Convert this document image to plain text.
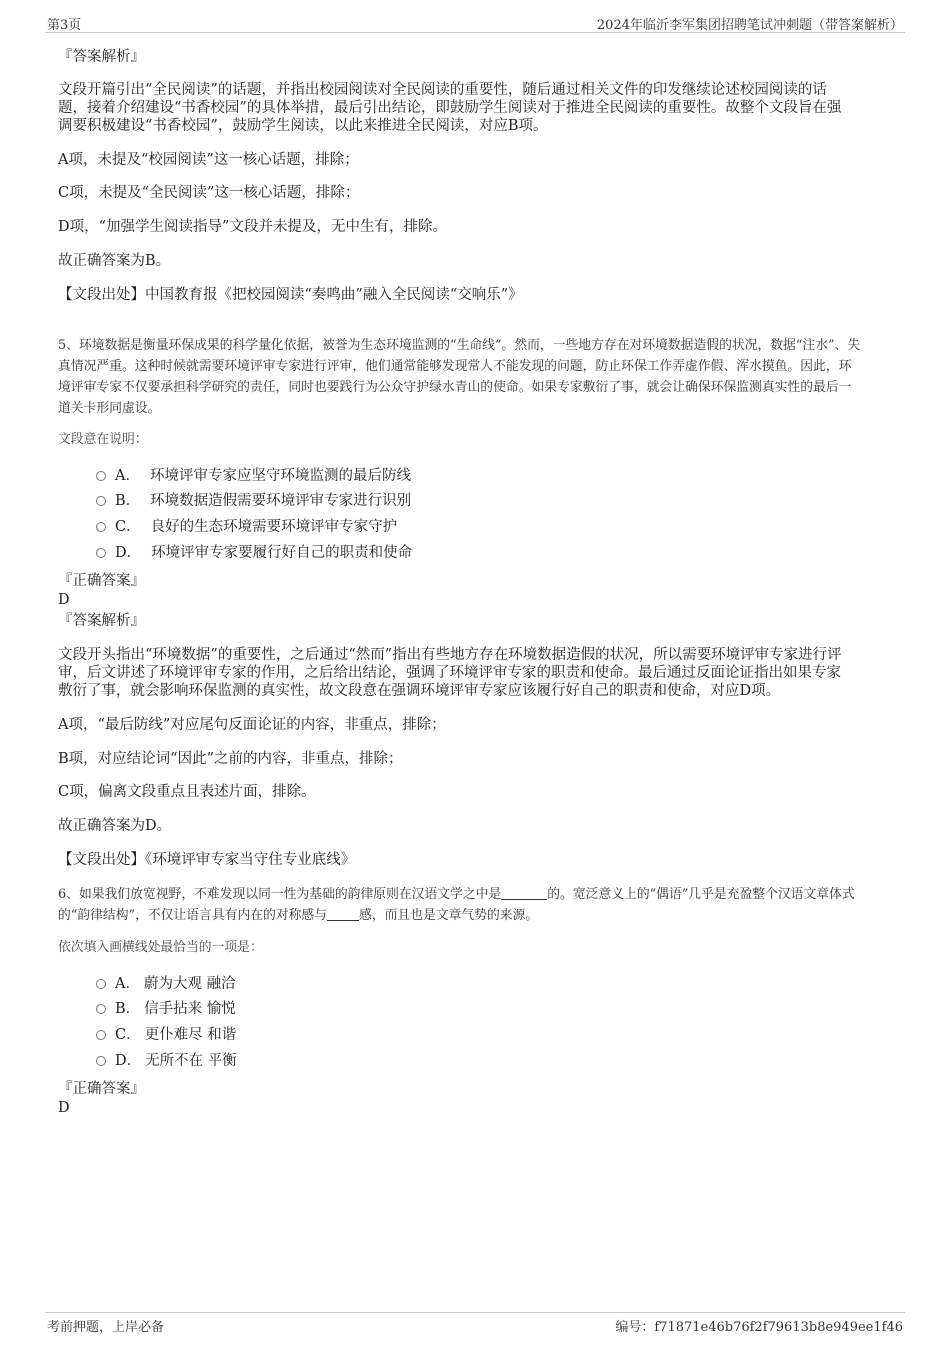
第3页	2024年临沂李军集团招聘笔试冲刺题（带答案解析）
『答案解析』
文段开篇引出“全民阅读”的话题，并指出校园阅读对全民阅读的重要性，随后通过相关文件的印发继续论述校园阅读的话
题，接着介绍建设“书香校园”的具体举措，最后引出结论，即鼓励学生阅读对于推进全民阅读的重要性。故整个文段旨在强
调要积极建设“书香校园”，鼓励学生阅读，以此来推进全民阅读，对应B项。
A项，未提及“校园阅读”这一核心话题，排除；
C项，未提及“全民阅读”这一核心话题，排除；
D项，“加强学生阅读指导”文段并未提及，无中生有，排除。
故正确答案为B。
【文段出处】中国教育报《把校园阅读“奏鸣曲”融入全民阅读“交响乐”》
5、环境数据是衡量环保成果的科学量化依据，被誉为生态环境监测的“生命线”。然而，一些地方存在对环境数据造假的状况，数据“注水”、失
真情况严重。这种时候就需要环境评审专家进行评审，他们通常能够发现常人不能发现的问题，防止环保工作弄虚作假、浑水摸鱼。因此，环
境评审专家不仅要承担科学研究的责任，同时也要践行为公众守护绿水青山的使命。如果专家敷衍了事，就会让确保环保监测真实性的最后一
道关卡形同虚设。
文段意在说明：
A． 环境评审专家应坚守环境监测的最后防线
B． 环境数据造假需要环境评审专家进行识别
C． 良好的生态环境需要环境评审专家守护
D． 环境评审专家要履行好自己的职责和使命
『正确答案』
D
『答案解析』
文段开头指出“环境数据”的重要性，之后通过“然而”指出有些地方存在环境数据造假的状况，所以需要环境评审专家进行评
审，后文讲述了环境评审专家的作用，之后给出结论，强调了环境评审专家的职责和使命。最后通过反面论证指出如果专家
敷衍了事，就会影响环保监测的真实性，故文段意在强调环境评审专家应该履行好自己的职责和使命，对应D项。
A项，“最后防线”对应尾句反面论证的内容，非重点，排除；
B项，对应结论词“因此”之前的内容，非重点，排除；
C项，偏离文段重点且表述片面，排除。
故正确答案为D。
【文段出处】《环境评审专家当守住专业底线》
6、如果我们放宽视野，不难发现以同一性为基础的韵律原则在汉语文学之中是	的。宽泛意义上的“偶语”几乎是充盈整个汉语文章体式
的“韵律结构”，不仅让语言具有内在的对称感与	感，而且也是文章气势的来源。
依次填入画横线处最恰当的一项是：
A． 蔚为大观 融洽
B． 信手拈来 愉悦
C． 更仆难尽 和谐
D． 无所不在 平衡
『正确答案』
D
考前押题，上岸必备	编号：f71871e46b76f2f79613b8e949ee1f46
